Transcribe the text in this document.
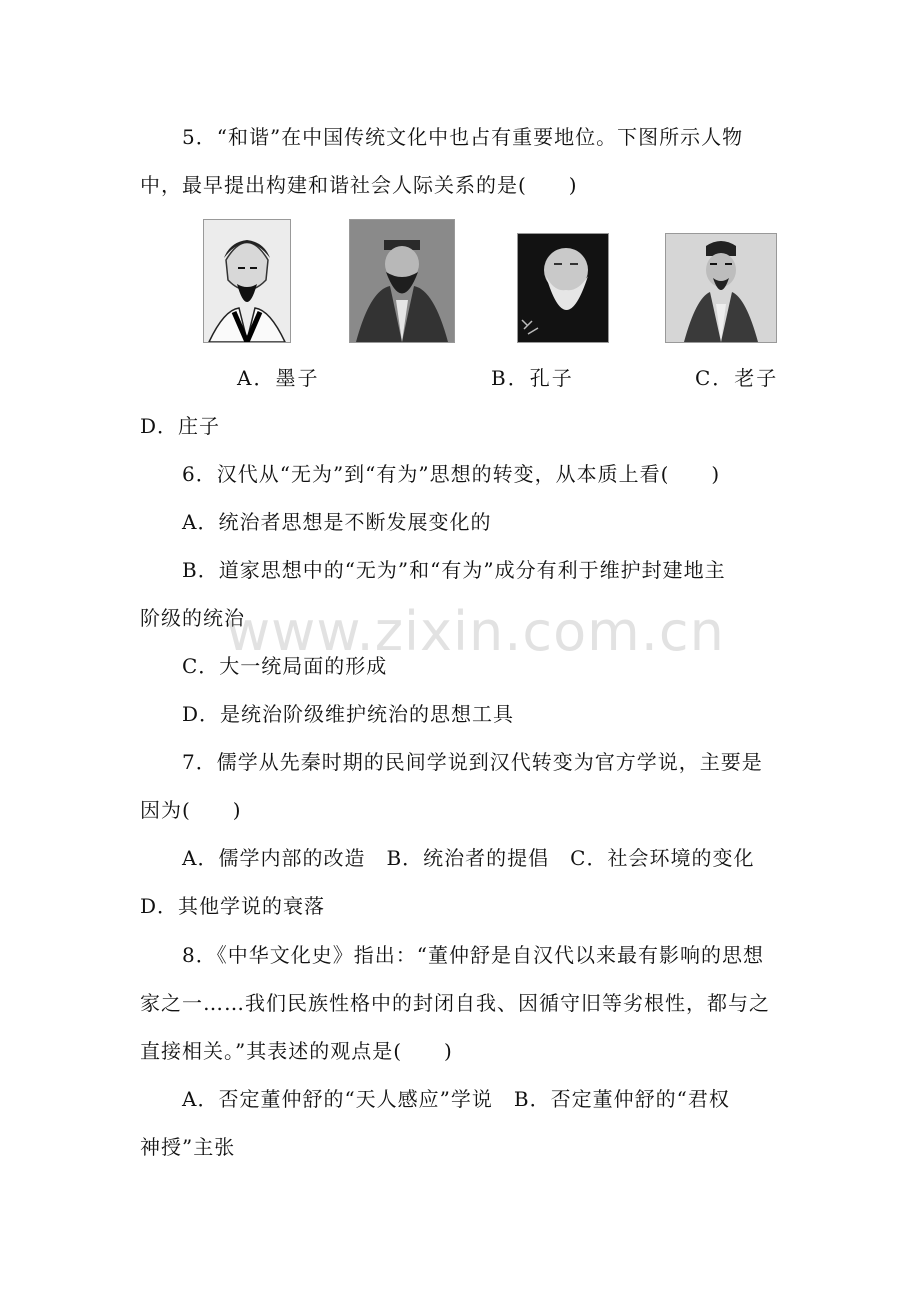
5．“和谐”在中国传统文化中也占有重要地位。下图所示人物
中，最早提出构建和谐社会人际关系的是(　　)
A．墨子	B．孔子	C．老子
D．庄子
6．汉代从“无为”到“有为”思想的转变，从本质上看(　　)
A．统治者思想是不断发展变化的
B．道家思想中的“无为”和“有为”成分有利于维护封建地主
阶级的统治
C．大一统局面的形成
D．是统治阶级维护统治的思想工具
7．儒学从先秦时期的民间学说到汉代转变为官方学说，主要是
因为(　　)
A．儒学内部的改造　B．统治者的提倡　C．社会环境的变化
D．其他学说的衰落
8．《中华文化史》指出：“董仲舒是自汉代以来最有影响的思想
家之一……我们民族性格中的封闭自我、因循守旧等劣根性，都与之
直接相关。”其表述的观点是(　　)
A．否定董仲舒的“天人感应”学说　B．否定董仲舒的“君权
神授”主张
www.zixin.com.cn
